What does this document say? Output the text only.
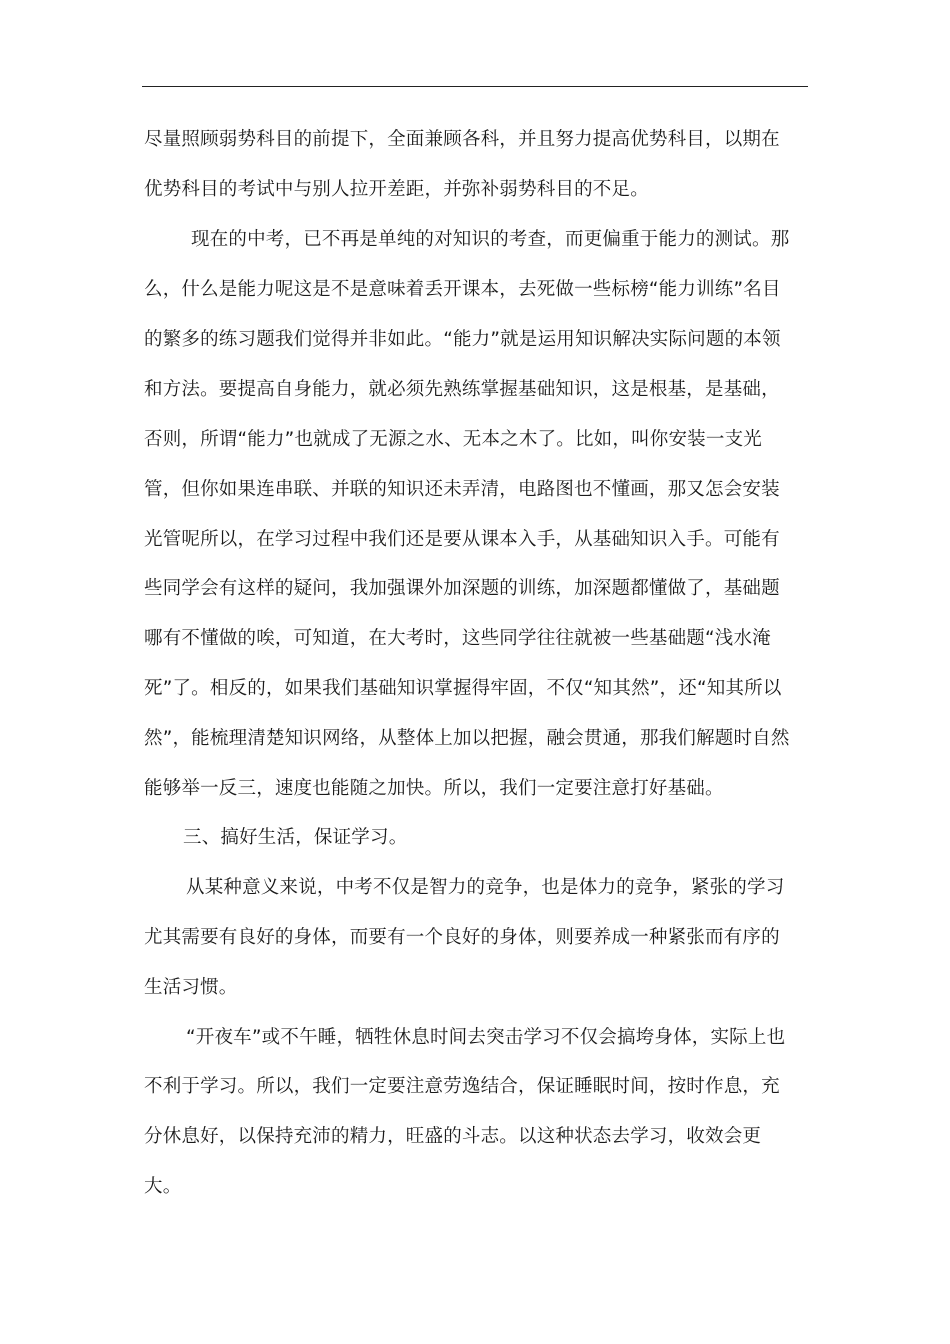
尽量照顾弱势科目的前提下，全面兼顾各科，并且努力提高优势科目，以期在
优势科目的考试中与别人拉开差距，并弥补弱势科目的不足。
现在的中考，已不再是单纯的对知识的考查，而更偏重于能力的测试。那
么，什么是能力呢这是不是意味着丢开课本，去死做一些标榜“能力训练”名目
的繁多的练习题我们觉得并非如此。“能力”就是运用知识解决实际问题的本领
和方法。要提高自身能力，就必须先熟练掌握基础知识，这是根基，是基础，
否则，所谓“能力”也就成了无源之水、无本之木了。比如，叫你安装一支光
管，但你如果连串联、并联的知识还未弄清，电路图也不懂画，那又怎会安装
光管呢所以，在学习过程中我们还是要从课本入手，从基础知识入手。可能有
些同学会有这样的疑问，我加强课外加深题的训练，加深题都懂做了，基础题
哪有不懂做的唉，可知道，在大考时，这些同学往往就被一些基础题“浅水淹
死”了。相反的，如果我们基础知识掌握得牢固，不仅“知其然”，还“知其所以
然”，能梳理清楚知识网络，从整体上加以把握，融会贯通，那我们解题时自然
能够举一反三，速度也能随之加快。所以，我们一定要注意打好基础。
三、搞好生活，保证学习。
从某种意义来说，中考不仅是智力的竞争，也是体力的竞争，紧张的学习
尤其需要有良好的身体，而要有一个良好的身体，则要养成一种紧张而有序的
生活习惯。
“开夜车”或不午睡，牺牲休息时间去突击学习不仅会搞垮身体，实际上也
不利于学习。所以，我们一定要注意劳逸结合，保证睡眠时间，按时作息，充
分休息好，以保持充沛的精力，旺盛的斗志。以这种状态去学习，收效会更
大。
